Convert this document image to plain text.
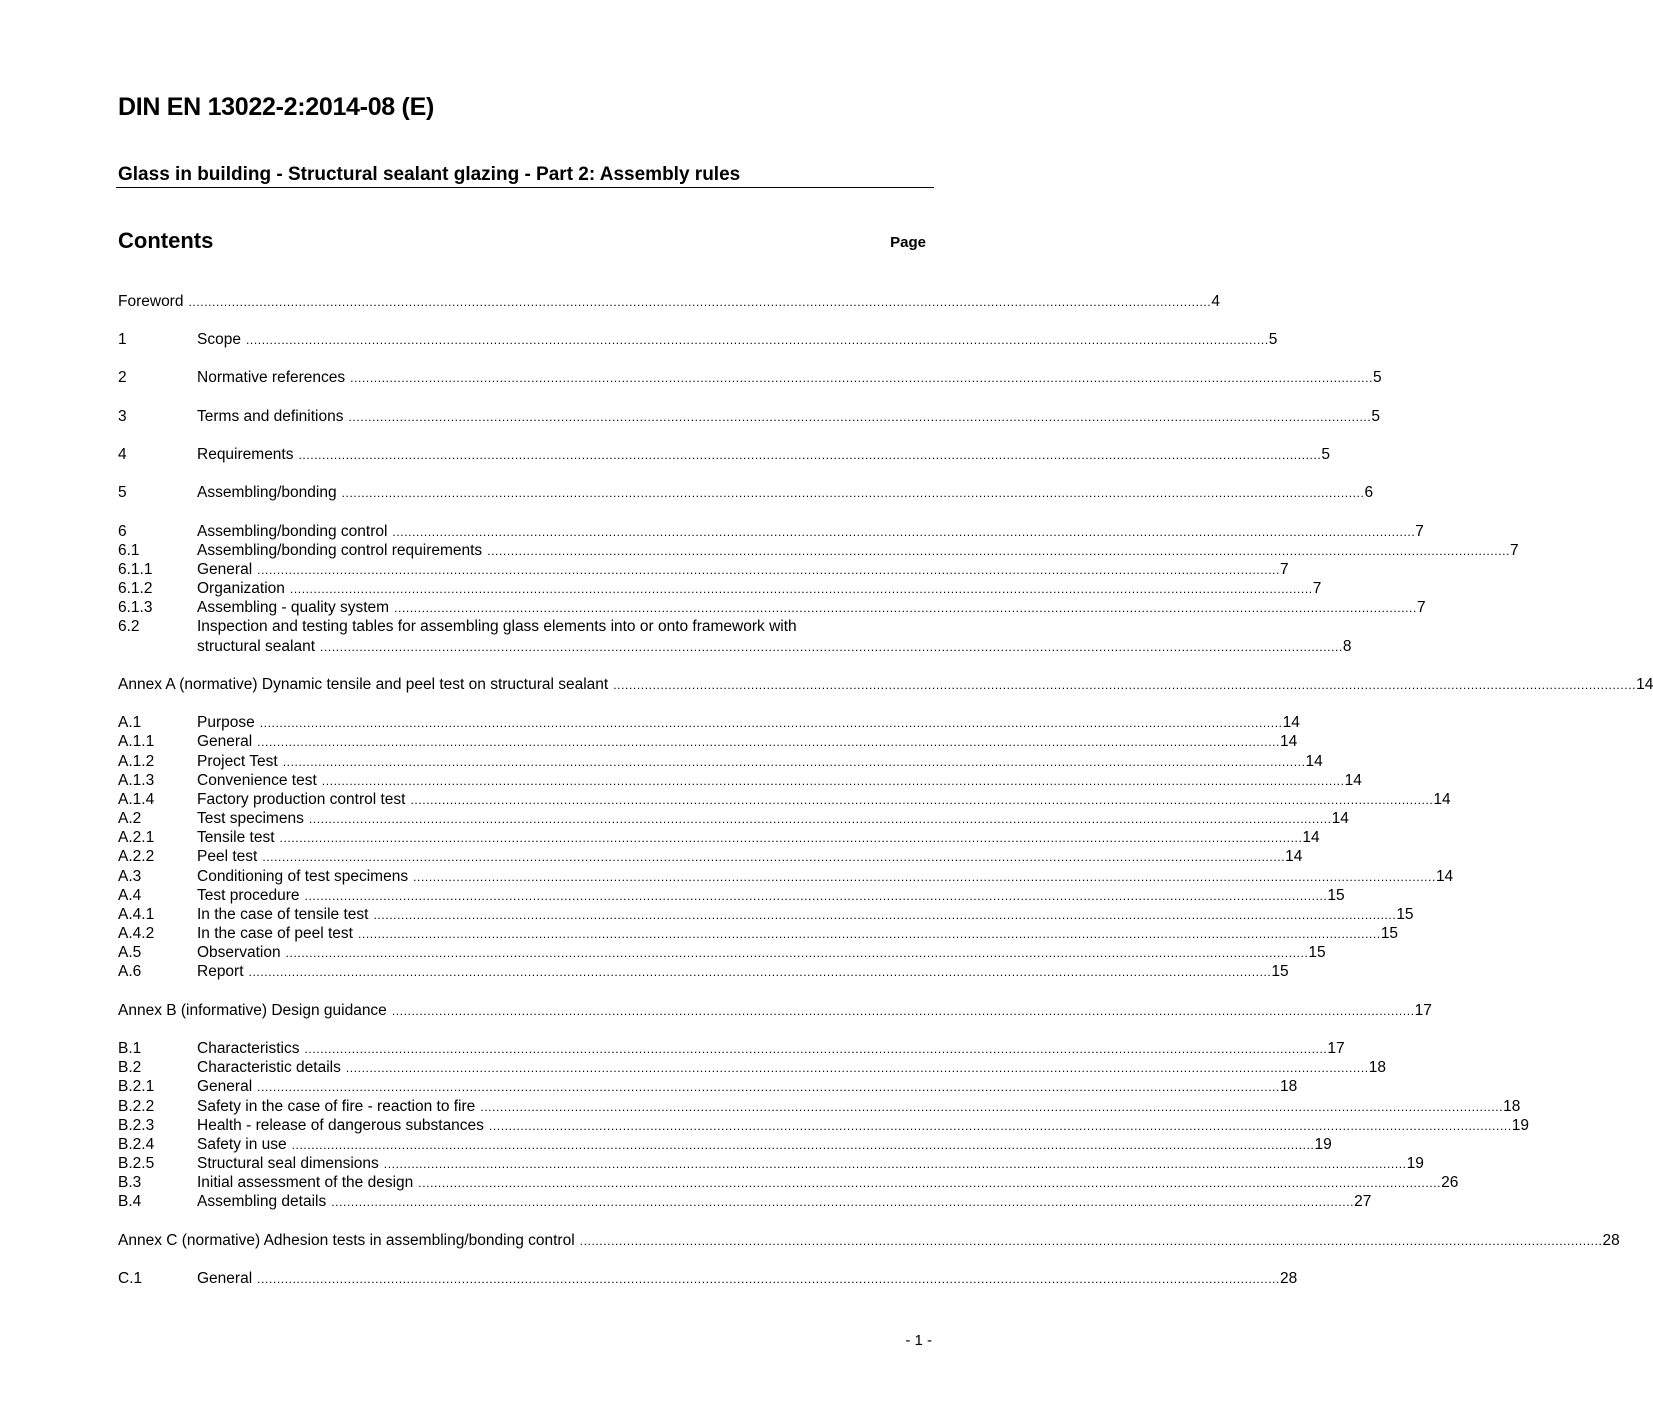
DIN EN 13022-2:2014-08 (E)
Glass in building - Structural sealant glazing - Part 2: Assembly rules
Contents	Page
Foreword .................................................................................................................................................................................................................................................................... 4
1	Scope .................................................................................................................................................................................................................................................................... 5
2	Normative references .................................................................................................................................................................................................................................................................... 5
3	Terms and definitions .................................................................................................................................................................................................................................................................... 5
4	Requirements .................................................................................................................................................................................................................................................................... 5
5	Assembling/bonding .................................................................................................................................................................................................................................................................... 6
6	Assembling/bonding control .................................................................................................................................................................................................................................................................... 7
6.1	Assembling/bonding control requirements .................................................................................................................................................................................................................................................................... 7
6.1.1	General .................................................................................................................................................................................................................................................................... 7
6.1.2	Organization .................................................................................................................................................................................................................................................................... 7
6.1.3	Assembling - quality system .................................................................................................................................................................................................................................................................... 7
6.2	Inspection and testing tables for assembling glass elements into or onto framework with
structural sealant .................................................................................................................................................................................................................................................................... 8
Annex A (normative) Dynamic tensile and peel test on structural sealant .................................................................................................................................................................................................................................................................... 14
A.1	Purpose .................................................................................................................................................................................................................................................................... 14
A.1.1	General .................................................................................................................................................................................................................................................................... 14
A.1.2	Project Test .................................................................................................................................................................................................................................................................... 14
A.1.3	Convenience test .................................................................................................................................................................................................................................................................... 14
A.1.4	Factory production control test .................................................................................................................................................................................................................................................................... 14
A.2	Test specimens .................................................................................................................................................................................................................................................................... 14
A.2.1	Tensile test .................................................................................................................................................................................................................................................................... 14
A.2.2	Peel test .................................................................................................................................................................................................................................................................... 14
A.3	Conditioning of test specimens .................................................................................................................................................................................................................................................................... 14
A.4	Test procedure .................................................................................................................................................................................................................................................................... 15
A.4.1	In the case of tensile test .................................................................................................................................................................................................................................................................... 15
A.4.2	In the case of peel test .................................................................................................................................................................................................................................................................... 15
A.5	Observation .................................................................................................................................................................................................................................................................... 15
A.6	Report .................................................................................................................................................................................................................................................................... 15
Annex B (informative) Design guidance .................................................................................................................................................................................................................................................................... 17
B.1	Characteristics .................................................................................................................................................................................................................................................................... 17
B.2	Characteristic details .................................................................................................................................................................................................................................................................... 18
B.2.1	General .................................................................................................................................................................................................................................................................... 18
B.2.2	Safety in the case of fire - reaction to fire .................................................................................................................................................................................................................................................................... 18
B.2.3	Health - release of dangerous substances .................................................................................................................................................................................................................................................................... 19
B.2.4	Safety in use .................................................................................................................................................................................................................................................................... 19
B.2.5	Structural seal dimensions .................................................................................................................................................................................................................................................................... 19
B.3	Initial assessment of the design .................................................................................................................................................................................................................................................................... 26
B.4	Assembling details .................................................................................................................................................................................................................................................................... 27
Annex C (normative) Adhesion tests in assembling/bonding control .................................................................................................................................................................................................................................................................... 28
C.1	General .................................................................................................................................................................................................................................................................... 28
- 1 -
